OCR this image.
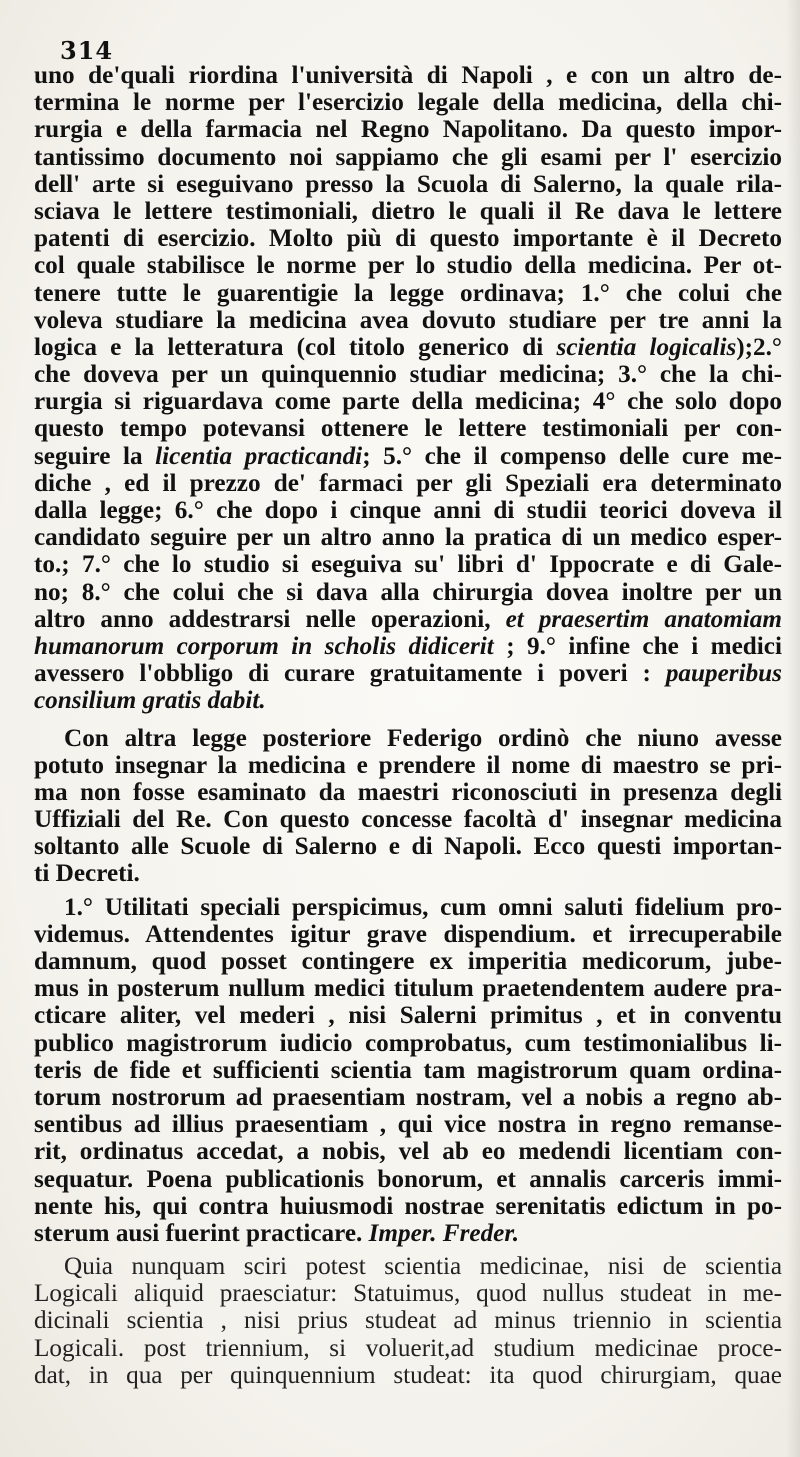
314
uno de'quali riordina l'università di Napoli , e con un altro de-
termina le norme per l'esercizio legale della medicina, della chi-
rurgia e della farmacia nel Regno Napolitano. Da questo impor-
tantissimo documento noi sappiamo che gli esami per l' esercizio
dell' arte si eseguivano presso la Scuola di Salerno, la quale rila-
sciava le lettere testimoniali, dietro le quali il Re dava le lettere
patenti di esercizio. Molto più di questo importante è il Decreto
col quale stabilisce le norme per lo studio della medicina. Per ot-
tenere tutte le guarentigie la legge ordinava; 1.° che colui che
voleva studiare la medicina avea dovuto studiare per tre anni la
logica e la letteratura (col titolo generico di scientia logicalis);2.°
che doveva per un quinquennio studiar medicina; 3.° che la chi-
rurgia si riguardava come parte della medicina; 4° che solo dopo
questo tempo potevansi ottenere le lettere testimoniali per con-
seguire la licentia practicandi; 5.° che il compenso delle cure me-
diche , ed il prezzo de' farmaci per gli Speziali era determinato
dalla legge; 6.° che dopo i cinque anni di studii teorici doveva il
candidato seguire per un altro anno la pratica di un medico esper-
to.; 7.° che lo studio si eseguiva su' libri d' Ippocrate e di Gale-
no; 8.° che colui che si dava alla chirurgia dovea inoltre per un
altro anno addestrarsi nelle operazioni, et praesertim anatomiam
humanorum corporum in scholis didicerit ; 9.° infine che i medici
avessero l'obbligo di curare gratuitamente i poveri : pauperibus
consilium gratis dabit.
Con altra legge posteriore Federigo ordinò che niuno avesse
potuto insegnar la medicina e prendere il nome di maestro se pri-
ma non fosse esaminato da maestri riconosciuti in presenza degli
Uffiziali del Re. Con questo concesse facoltà d' insegnar medicina
soltanto alle Scuole di Salerno e di Napoli. Ecco questi importan-
ti Decreti.
1.° Utilitati speciali perspicimus, cum omni saluti fidelium pro-
videmus. Attendentes igitur grave dispendium. et irrecuperabile
damnum, quod posset contingere ex imperitia medicorum, jube-
mus in posterum nullum medici titulum praetendentem audere pra-
cticare aliter, vel mederi , nisi Salerni primitus , et in conventu
publico magistrorum iudicio comprobatus, cum testimonialibus li-
teris de fide et sufficienti scientia tam magistrorum quam ordina-
torum nostrorum ad praesentiam nostram, vel a nobis a regno ab-
sentibus ad illius praesentiam , qui vice nostra in regno remanse-
rit, ordinatus accedat, a nobis, vel ab eo medendi licentiam con-
sequatur. Poena publicationis bonorum, et annalis carceris immi-
nente his, qui contra huiusmodi nostrae serenitatis edictum in po-
sterum ausi fuerint practicare. Imper. Freder.
Quia nunquam sciri potest scientia medicinae, nisi de scientia
Logicali aliquid praesciatur: Statuimus, quod nullus studeat in me-
dicinali scientia , nisi prius studeat ad minus triennio in scientia
Logicali. post triennium, si voluerit,ad studium medicinae proce-
dat, in qua per quinquennium studeat: ita quod chirurgiam, quae
